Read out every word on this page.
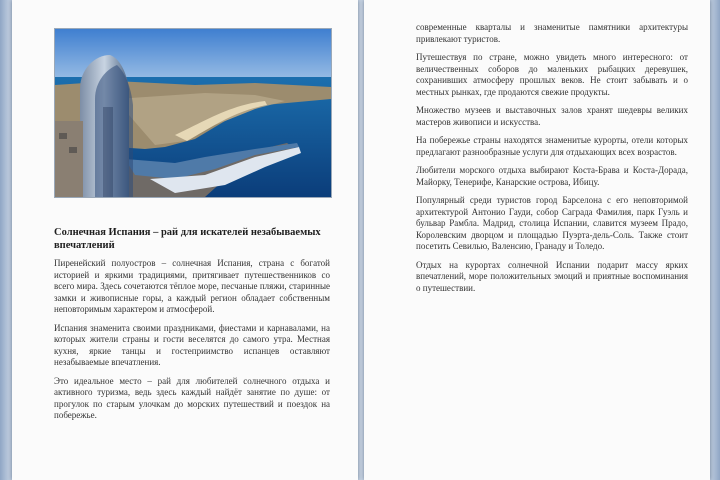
Солнечная Испания – рай для искателей незабываемых впечатлений
Пиренейский полуостров – солнечная Испания, страна с богатой историей и яркими традициями, притягивает путешественников со всего мира. Здесь сочетаются тёплое море, песчаные пляжи, старинные замки и живописные горы, а каждый регион обладает собственным неповторимым характером и атмосферой.
Испания знаменита своими праздниками, фиестами и карнавалами, на которых жители страны и гости веселятся до самого утра. Местная кухня, яркие танцы и гостеприимство испанцев оставляют незабываемые впечатления.
Это идеальное место – рай для любителей солнечного отдыха и активного туризма, ведь здесь каждый найдёт занятие по душе: от прогулок по старым улочкам до морских путешествий и поездок на побережье.
современные кварталы и знаменитые памятники архитектуры привлекают туристов.
Путешествуя по стране, можно увидеть много интересного: от величественных соборов до маленьких рыбацких деревушек, сохранивших атмосферу прошлых веков. Не стоит забывать и о местных рынках, где продаются свежие продукты.
Множество музеев и выставочных залов хранят шедевры великих мастеров живописи и искусства.
На побережье страны находятся знаменитые курорты, отели которых предлагают разнообразные услуги для отдыхающих всех возрастов.
Любители морского отдыха выбирают Коста-Брава и Коста-Дорада, Майорку, Тенерифе, Канарские острова, Ибицу.
Популярный среди туристов город Барселона с его неповторимой архитектурой Антонио Гауди, собор Саграда Фамилия, парк Гуэль и бульвар Рамбла. Мадрид, столица Испании, славится музеем Прадо, Королевским дворцом и площадью Пуэрта-дель-Соль. Также стоит посетить Севилью, Валенсию, Гранаду и Толедо.
Отдых на курортах солнечной Испании подарит массу ярких впечатлений, море положительных эмоций и приятные воспоминания о путешествии.
